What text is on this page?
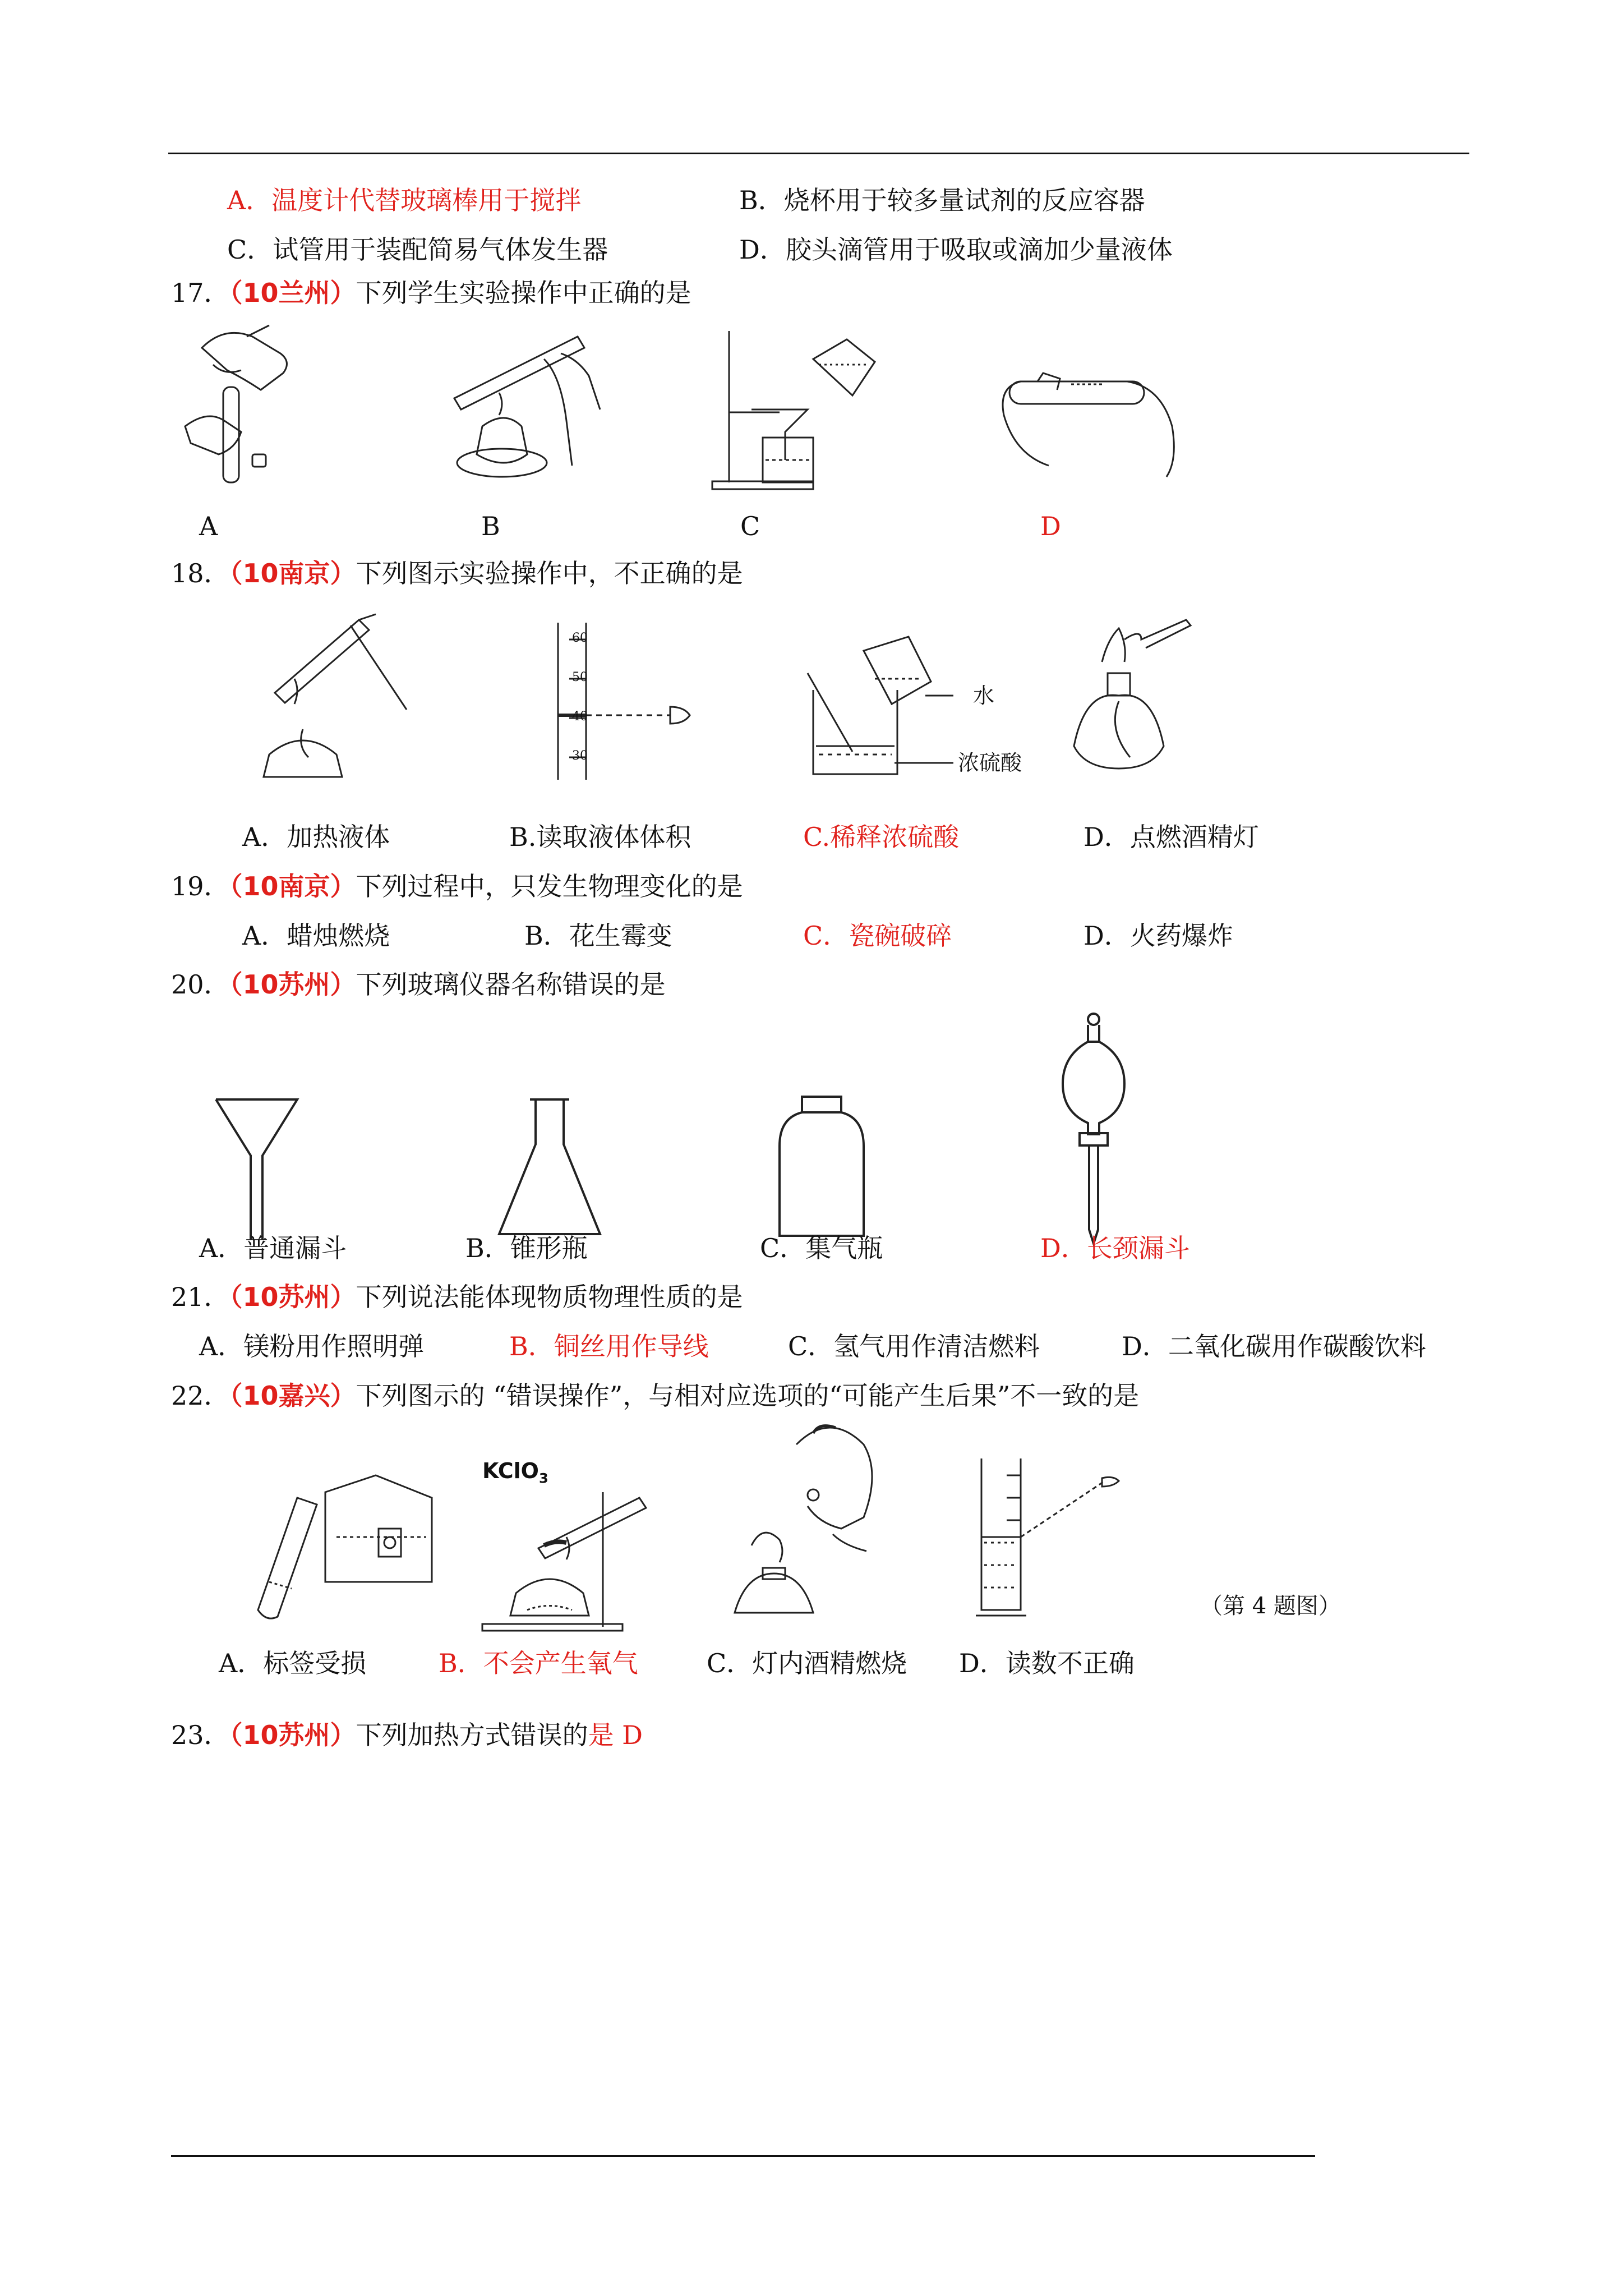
A．温度计代替玻璃棒用于搅拌	B．烧杯用于较多量试剂的反应容器
C．试管用于装配简易气体发生器	D．胶头滴管用于吸取或滴加少量液体
17．（10兰州）下列学生实验操作中正确的是
A	B	C	D
18．（10南京）下列图示实验操作中，不正确的是
60
50
40
30
水
浓硫酸
A．加热液体	B.读取液体体积	C.稀释浓硫酸	D．点燃酒精灯
19．（10南京）下列过程中，只发生物理变化的是
A．蜡烛燃烧	B．花生霉变	C．瓷碗破碎	D．火药爆炸
20．（10苏州）下列玻璃仪器名称错误的是
A．普通漏斗	B．锥形瓶	C．集气瓶	D．长颈漏斗
21．（10苏州）下列说法能体现物质物理性质的是
A．镁粉用作照明弹	B．铜丝用作导线	C．氢气用作清洁燃料	D．二氧化碳用作碳酸饮料
22．（10嘉兴）下列图示的 “错误操作”，与相对应选项的“可能产生后果”不一致的是
KClO$_3$
（第 4 题图）
A．标签受损	B．不会产生氧气	C．灯内酒精燃烧 D．读数不正确
23．（10苏州）下列加热方式错误的是 D
